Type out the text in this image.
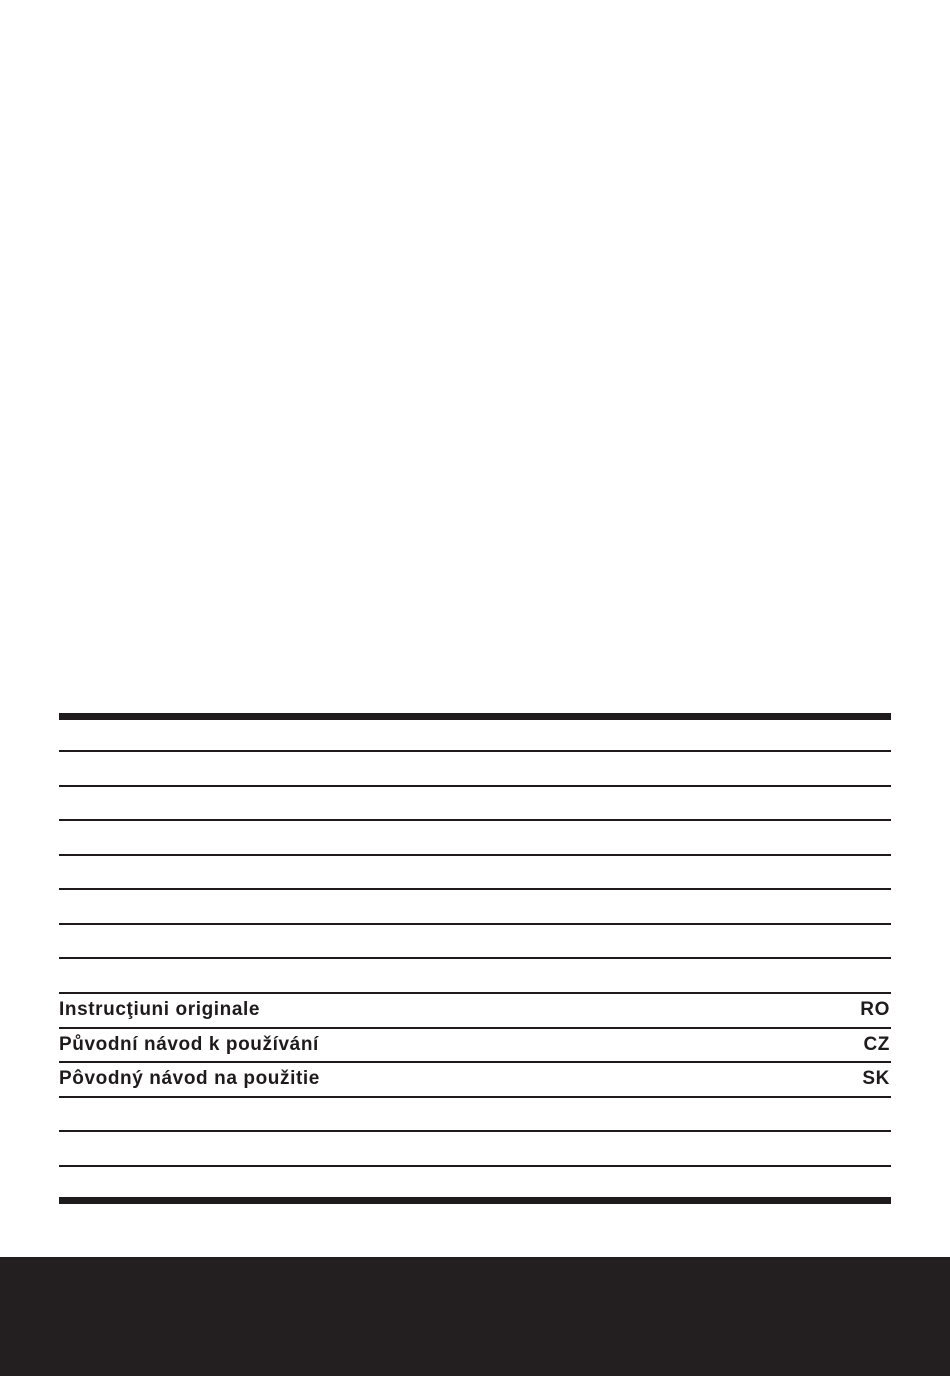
Instrucţiuni originale	RO
Původní návod k používání	CZ
Pôvodný návod na použitie	SK
